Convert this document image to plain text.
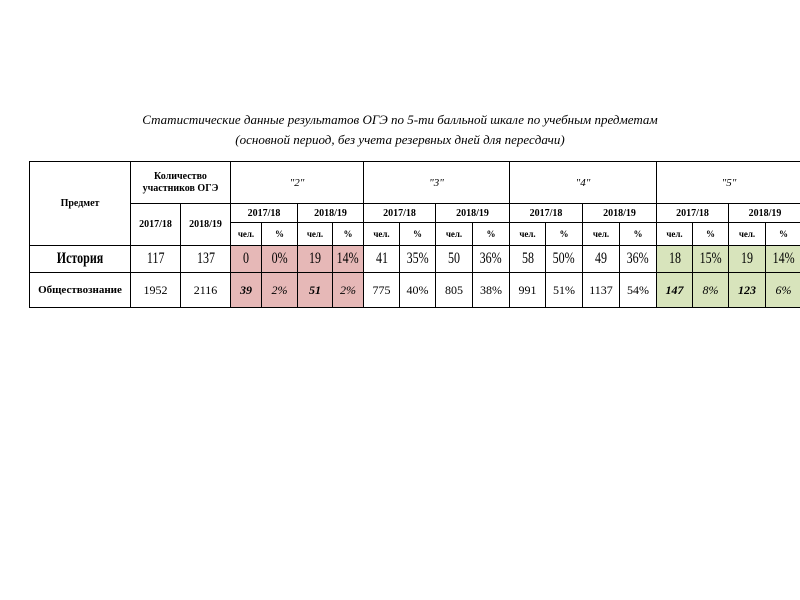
Статистические данные результатов ОГЭ по 5-ти балльной шкале по учебным предметам
(основной период, без учета резервных дней для пересдачи)
Предмет	Количество участников ОГЭ		"2"				"3"				"4"				"5"			
	2017/18	2018/19	2017/18		2018/19		2017/18		2018/19		2017/18		2018/19		2017/18		2018/19	
			чел.	%	чел.	%	чел.	%	чел.	%	чел.	%	чел.	%	чел.	%	чел.	%
История	117	137	0	0%	19	14%	41	35%	50	36%	58	50%	49	36%	18	15%	19	14%
Обществознание	1952	2116	39	2%	51	2%	775	40%	805	38%	991	51%	1137	54%	147	8%	123	6%
